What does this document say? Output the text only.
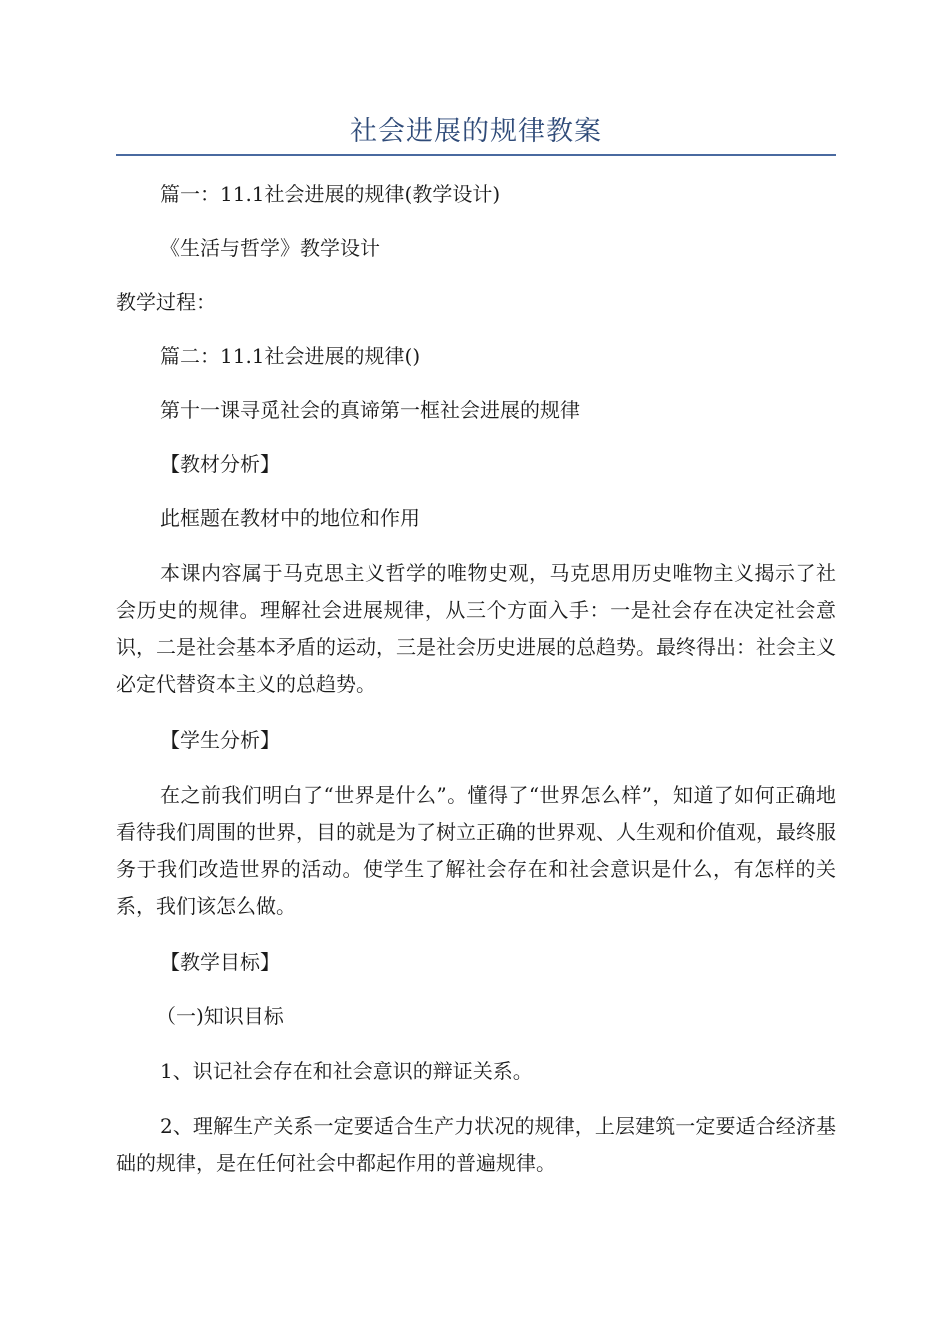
社会进展的规律教案

篇一：11.1社会进展的规律(教学设计)

《生活与哲学》教学设计

教学过程：

篇二：11.1社会进展的规律()

第十一课寻觅社会的真谛第一框社会进展的规律

【教材分析】

此框题在教材中的地位和作用

本课内容属于马克思主义哲学的唯物史观，马克思用历史唯物主义揭示了社会历史的规律。理解社会进展规律，从三个方面入手：一是社会存在决定社会意识，二是社会基本矛盾的运动，三是社会历史进展的总趋势。最终得出：社会主义必定代替资本主义的总趋势。

【学生分析】

在之前我们明白了“世界是什么”。懂得了“世界怎么样”，知道了如何正确地看待我们周围的世界，目的就是为了树立正确的世界观、人生观和价值观，最终服务于我们改造世界的活动。使学生了解社会存在和社会意识是什么，有怎样的关系，我们该怎么做。

【教学目标】

（一)知识目标

1、识记社会存在和社会意识的辩证关系。

2、理解生产关系一定要适合生产力状况的规律，上层建筑一定要适合经济基础的规律，是在任何社会中都起作用的普遍规律。
